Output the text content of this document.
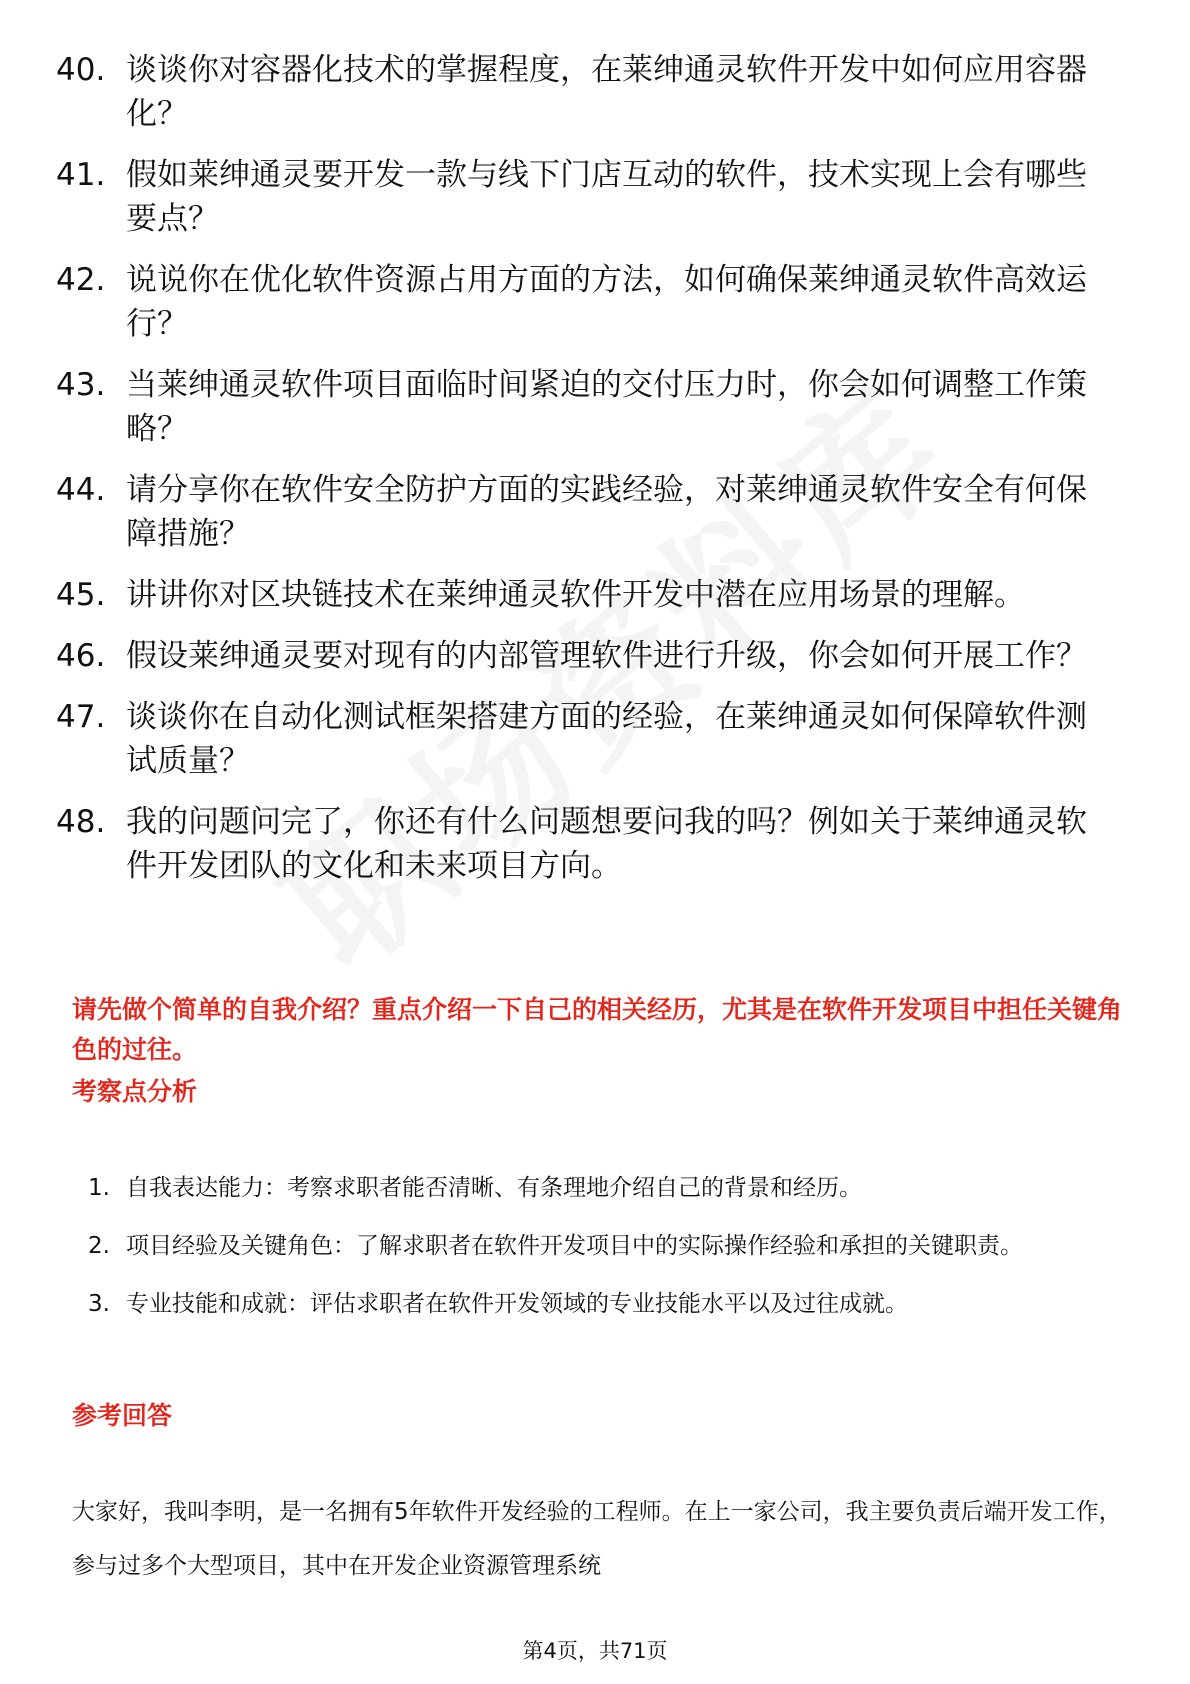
40. 谈谈你对容器化技术的掌握程度，在莱绅通灵软件开发中如何应用容器化？
41. 假如莱绅通灵要开发一款与线下门店互动的软件，技术实现上会有哪些要点？
42. 说说你在优化软件资源占用方面的方法，如何确保莱绅通灵软件高效运行？
43. 当莱绅通灵软件项目面临时间紧迫的交付压力时，你会如何调整工作策略？
44. 请分享你在软件安全防护方面的实践经验，对莱绅通灵软件安全有何保障措施？
45. 讲讲你对区块链技术在莱绅通灵软件开发中潜在应用场景的理解。
46. 假设莱绅通灵要对现有的内部管理软件进行升级，你会如何开展工作？
47. 谈谈你在自动化测试框架搭建方面的经验，在莱绅通灵如何保障软件测试质量？
48. 我的问题问完了，你还有什么问题想要问我的吗？例如关于莱绅通灵软件开发团队的文化和未来项目方向。
请先做个简单的自我介绍？重点介绍一下自己的相关经历，尤其是在软件开发项目中担任关键角色的过往。
考察点分析
1. 自我表达能力：考察求职者能否清晰、有条理地介绍自己的背景和经历。
2. 项目经验及关键角色：了解求职者在软件开发项目中的实际操作经验和承担的关键职责。
3. 专业技能和成就：评估求职者在软件开发领域的专业技能水平以及过往成就。
参考回答
大家好，我叫李明，是一名拥有5年软件开发经验的工程师。在上一家公司，我主要负责后端开发工作，参与过多个大型项目，其中在开发企业资源管理系统
第4页，共71页
